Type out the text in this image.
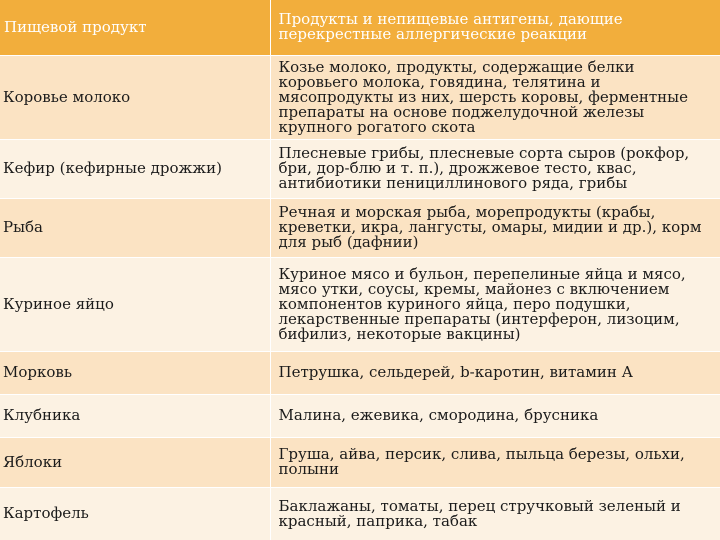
Пищевой продукт	Продукты и непищевые антигены, дающие перекрестные аллергические реакции
Коровье молоко	Козье молоко, продукты, содержащие белки коровьего молока, говядина, телятина и мясопродукты из них, шерсть коровы, ферментные препараты на основе поджелудочной железы крупного рогатого скота
Кефир (кефирные дрожжи)	Плесневые грибы, плесневые сорта сыров (рокфор, бри, дор-блю и т. п.), дрожжевое тесто, квас, антибиотики пенициллинового ряда, грибы
Рыба	Речная и морская рыба, морепродукты (крабы, креветки, икра, лангусты, омары, мидии и др.), корм для рыб (дафнии)
Куриное яйцо	Куриное мясо и бульон, перепелиные яйца и мясо, мясо утки, соусы, кремы, майонез с включением компонентов куриного яйца, перо подушки, лекарственные препараты (интерферон, лизоцим, бифилиз, некоторые вакцины)
Морковь	Петрушка, сельдерей, b-каротин, витамин А
Клубника	Малина, ежевика, смородина, брусника
Яблоки	Груша, айва, персик, слива, пыльца березы, ольхи, полыни
Картофель	Баклажаны, томаты, перец стручковый зеленый и красный, паприка, табак
